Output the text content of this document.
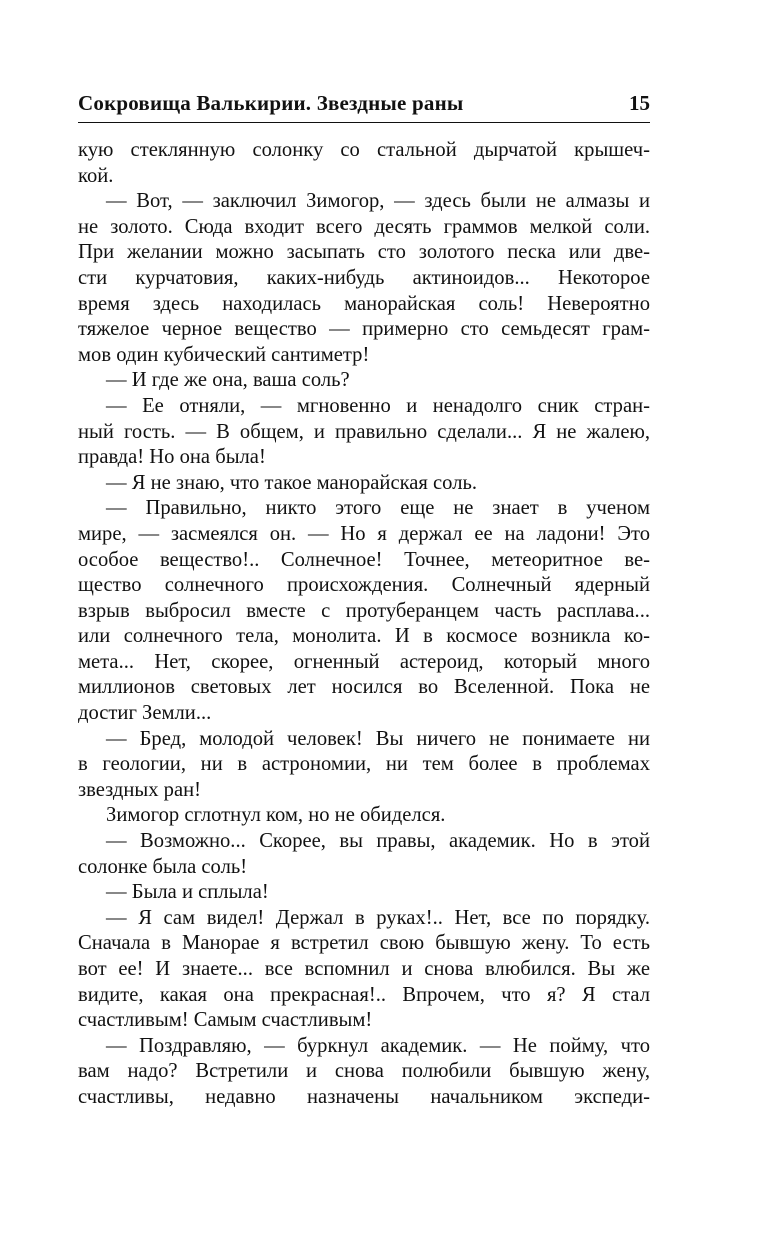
Сокровища Валькирии. Звездные раны	15
кую стеклянную солонку со стальной дырчатой крышеч-
кой.
— Вот, — заключил Зимогор, — здесь были не алмазы и
не золото. Сюда входит всего десять граммов мелкой соли.
При желании можно засыпать сто золотого песка или две-
сти курчатовия, каких-нибудь актиноидов... Некоторое
время здесь находилась манорайская соль! Невероятно
тяжелое черное вещество — примерно сто семьдесят грам-
мов один кубический сантиметр!
— И где же она, ваша соль?
— Ее отняли, — мгновенно и ненадолго сник стран-
ный гость. — В общем, и правильно сделали... Я не жалею,
правда! Но она была!
— Я не знаю, что такое манорайская соль.
— Правильно, никто этого еще не знает в ученом
мире, — засмеялся он. — Но я держал ее на ладони! Это
особое вещество!.. Солнечное! Точнее, метеоритное ве-
щество солнечного происхождения. Солнечный ядерный
взрыв выбросил вместе с протуберанцем часть расплава...
или солнечного тела, монолита. И в космосе возникла ко-
мета... Нет, скорее, огненный астероид, который много
миллионов световых лет носился во Вселенной. Пока не
достиг Земли...
— Бред, молодой человек! Вы ничего не понимаете ни
в геологии, ни в астрономии, ни тем более в проблемах
звездных ран!
Зимогор сглотнул ком, но не обиделся.
— Возможно... Скорее, вы правы, академик. Но в этой
солонке была соль!
— Была и сплыла!
— Я сам видел! Держал в руках!.. Нет, все по порядку.
Сначала в Манорае я встретил свою бывшую жену. То есть
вот ее! И знаете... все вспомнил и снова влюбился. Вы же
видите, какая она прекрасная!.. Впрочем, что я? Я стал
счастливым! Самым счастливым!
— Поздравляю, — буркнул академик. — Не пойму, что
вам надо? Встретили и снова полюбили бывшую жену,
счастливы, недавно назначены начальником экспеди-
